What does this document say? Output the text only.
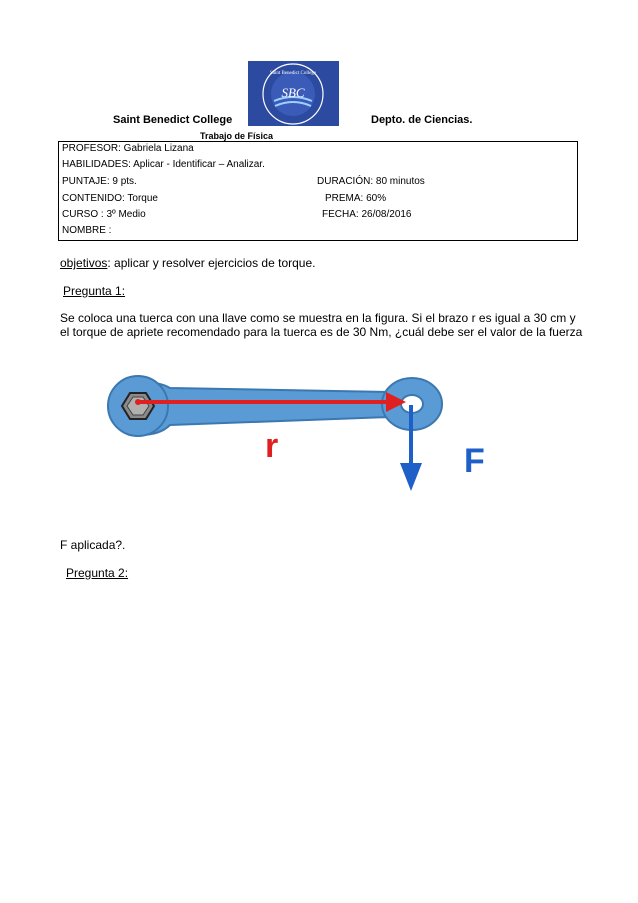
SBC
Saint Benedict College
Saint Benedict College	Depto. de Ciencias.
Trabajo de Física
PROFESOR: Gabriela Lizana
HABILIDADES: Aplicar - Identificar – Analizar.
PUNTAJE: 9 pts.	DURACIÓN: 80 minutos
CONTENIDO: Torque	PREMA: 60%
CURSO : 3º Medio	FECHA: 26/08/2016
NOMBRE :
objetivos: aplicar y resolver ejercicios de torque.
Pregunta 1:
Se coloca una tuerca con una llave como se muestra en la figura. Si el brazo r es igual a 30 cm y
el torque de apriete recomendado para la tuerca es de 30 Nm, ¿cuál debe ser el valor de la fuerza
r	F
F aplicada?.
Pregunta 2:
